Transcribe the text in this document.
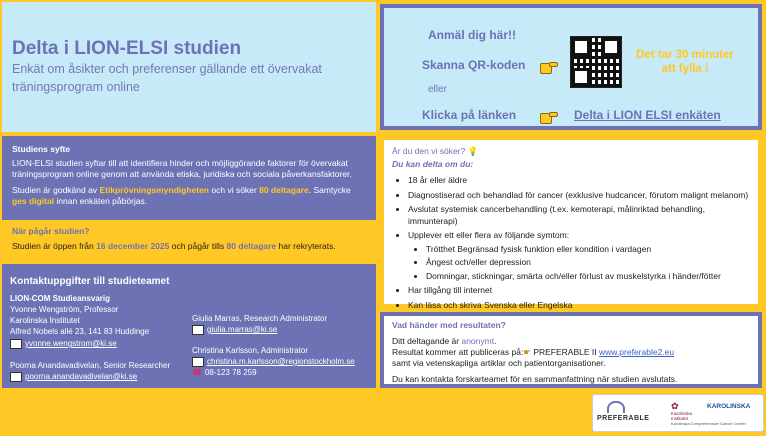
Delta i LION-ELSI studien
Enkät om åsikter och preferenser gällande ett övervakat träningsprogram online
Anmäl dig här!!
Skanna QR-koden
Det tar 30 minuter att fylla i
eller
Klicka på länken	Delta i LION ELSI enkäten
Studiens syfte
LION-ELSI studien syftar till att identifiera hinder och möjliggörande faktorer för övervakat träningsprogram online genom att använda etiska, juridiska och sociala påverkansfaktorer.
Studien är godkänd av Etikprövningsmyndigheten och vi söker 80 deltagare. Samtycke ges digital innan enkäten påbörjas.
När pågår studien?
Studien är öppen från 16 december 2025 och pågår tills 80 deltagare har rekryterats.
Kontaktuppgifter till studieteamet
LION-COM Studieansvarig
Yvonne Wengström, Professor
Karolinska Institutet
Alfred Nobels allé 23, 141 83 Huddinge
yvonne.wengstrom@ki.se
Poorna Anandavadivelan, Senior Researcher
poorna.anandavadivelan@ki.se
Giulia Marras, Research Administrator
giulia.marras@ki.se
Christina Karlsson, Administrator
christina.m.karlsson@regionstockholm.se
☎ 08-123 78 259
Är du den vi söker? 💡
Du kan delta om du:
• 18 år eller äldre
• Diagnostiserad och behandlad för cancer (exklusive hudcancer, förutom malignt melanom)
• Avslutat systemisk cancerbehandling (t.ex. kemoterapi, målinriktad behandling, immunterapi)
• Upplever ett eller flera av följande symtom:
• Trötthet Begränsad fysisk funktion eller kondition i vardagen
• Ångest och/eller depression
• Domningar, stickningar, smärta och/eller förlust av muskelstyrka i händer/fötter
• Har tillgång till internet
• Kan läsa och skriva Svenska eller Engelska
Vad händer med resultaten?
Ditt deltagande är anonymt.
Resultat kommer att publiceras på:☛ PREFERABLE II www.preferable2.eu
samt via vetenskapliga artiklar och patientorganisationer.
Du kan kontakta forskarteamet för en sammanfattning när studien avslutats.
PREFERABLE
✿
Karolinska Institutet
KAROLINSKA
Karolinska Comprehensive Cancer Center
